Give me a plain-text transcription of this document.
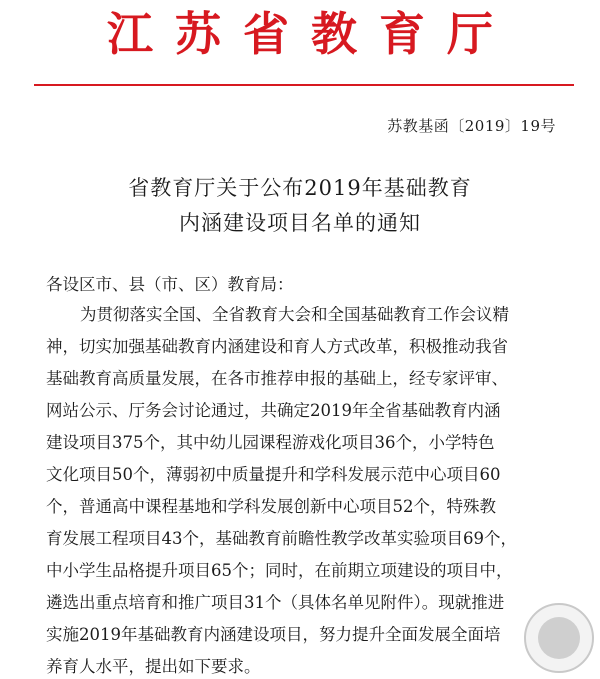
江苏省教育厅
苏教基函〔2019〕19号
省教育厅关于公布2019年基础教育
内涵建设项目名单的通知
各设区市、县（市、区）教育局：
为贯彻落实全国、全省教育大会和全国基础教育工作会议精
神，切实加强基础教育内涵建设和育人方式改革，积极推动我省
基础教育高质量发展，在各市推荐申报的基础上，经专家评审、
网站公示、厅务会讨论通过，共确定2019年全省基础教育内涵
建设项目375个，其中幼儿园课程游戏化项目36个，小学特色
文化项目50个，薄弱初中质量提升和学科发展示范中心项目60
个，普通高中课程基地和学科发展创新中心项目52个，特殊教
育发展工程项目43个，基础教育前瞻性教学改革实验项目69个，
中小学生品格提升项目65个；同时，在前期立项建设的项目中，
遴选出重点培育和推广项目31个（具体名单见附件）。现就推进
实施2019年基础教育内涵建设项目，努力提升全面发展全面培
养育人水平，提出如下要求。
